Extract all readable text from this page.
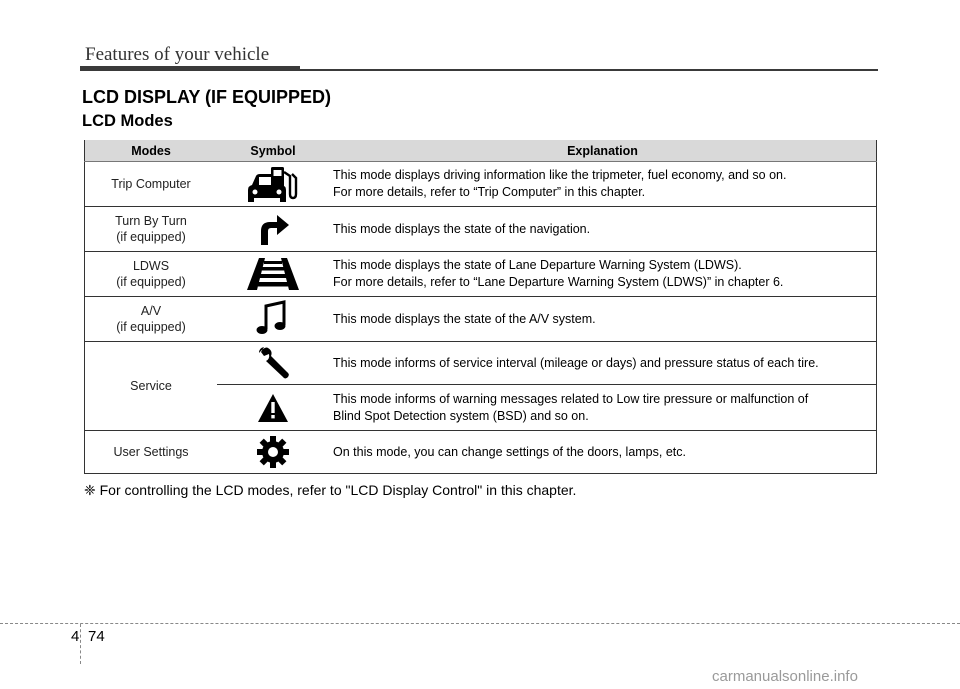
Features of your vehicle
LCD DISPLAY (IF EQUIPPED)
LCD Modes
Modes	Symbol	Explanation
Trip Computer		This mode displays driving information like the tripmeter, fuel economy, and so on.
For more details, refer to “Trip Computer” in this chapter.

Turn By Turn
(if equipped)		This mode displays the state of the navigation.

LDWS
(if equipped)		This mode displays the state of Lane Departure Warning System (LDWS).
For more details, refer to “Lane Departure Warning System (LDWS)” in chapter 6.

A/V
(if equipped)		This mode displays the state of the A/V system.

Service		This mode informs of service interval (mileage or days) and pressure status of each tire.

This mode informs of warning messages related to Low tire pressure or malfunction of
Blind Spot Detection system (BSD) and so on.

User Settings		On this mode, you can change settings of the doors, lamps, etc.
❈ For controlling the LCD modes, refer to "LCD Display Control" in this chapter.
4 74
carmanualsonline.info
